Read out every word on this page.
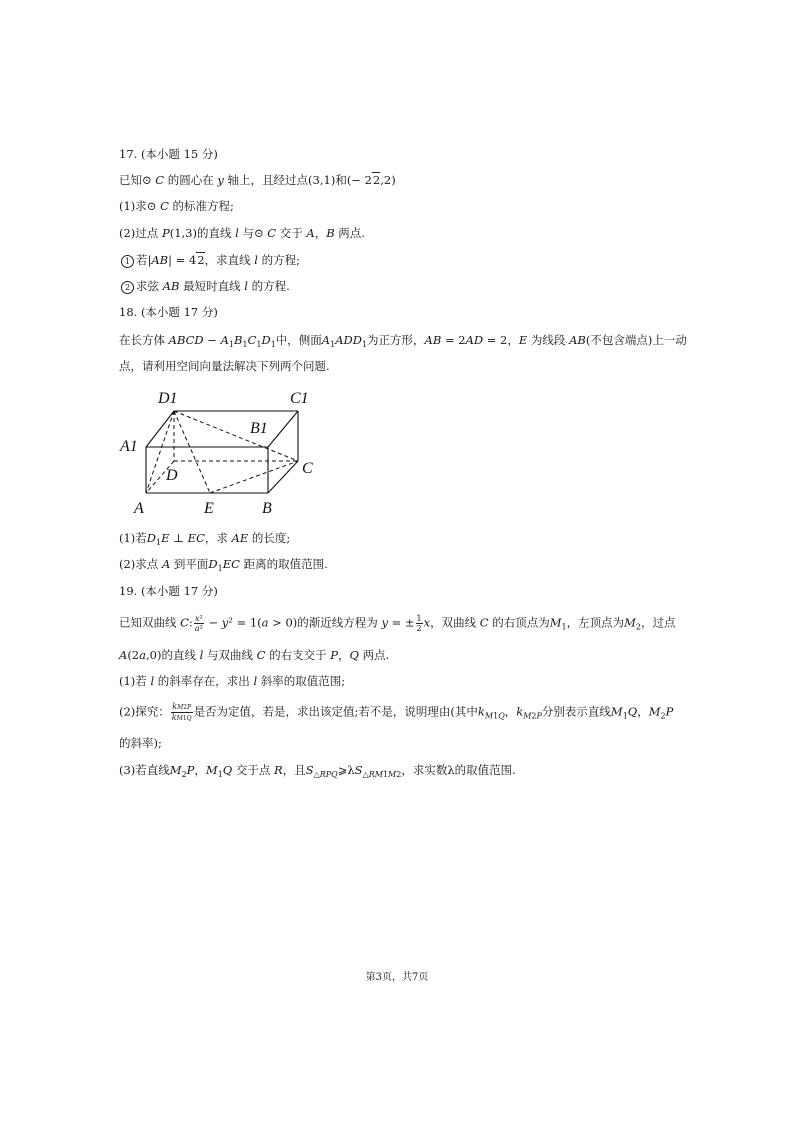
17. (本小题 15 分)
已知⊙ C 的圆心在 y 轴上，且经过点(3,1)和(− 22,2)
(1)求⊙ C 的标准方程;
(2)过点 P(1,3)的直线 l 与⊙ C 交于 A，B 两点.
1 若|AB| = 42，求直线 l 的方程;
2 求弦 AB 最短时直线 l 的方程.
18. (本小题 17 分)
在长方体 ABCD − $A_1B_1C_1D_1$中，侧面$A_1ADD_1$为正方形，AB = 2AD = 2，E 为线段 AB(不包含端点)上一动
点，请利用空间向量法解决下列两个问题.
D1	C1
B1
A1
D	C
A	E	B
(1)若$D_1E$ ⊥ EC，求 AE 的长度;
(2)求点 A 到平面$D_1EC$ 距离的取值范围.
19. (本小题 17 分)
已知双曲线 C: $\frac{\text{x²}}{\text{a²}} - y^2 = 1(a > 0)$的渐近线方程为 y = ± $\frac{1}{2}$ x，双曲线 C 的右顶点为$M_1$，左顶点为$M_2$，过点
A(2a,0)的直线 l 与双曲线 C 的右支交于 P，Q 两点.
(1)若 l 的斜率存在，求出 l 斜率的取值范围;
(2)探究： $\frac{kM2P}{kM1Q}$ 是否为定值，若是，求出该定值;若不是，说明理由(其中$k_{M1Q}$，$k_{M2P}$分别表示直线$M_1Q$，$M_2P$
的斜率);
(3)若直线$M_2P$，$M_1Q$ 交于点 R，且$S_{\triangle RPQ}⩾\lambda S_{\triangle RM1M2}$，求实数λ的取值范围.
第3页，共7页
